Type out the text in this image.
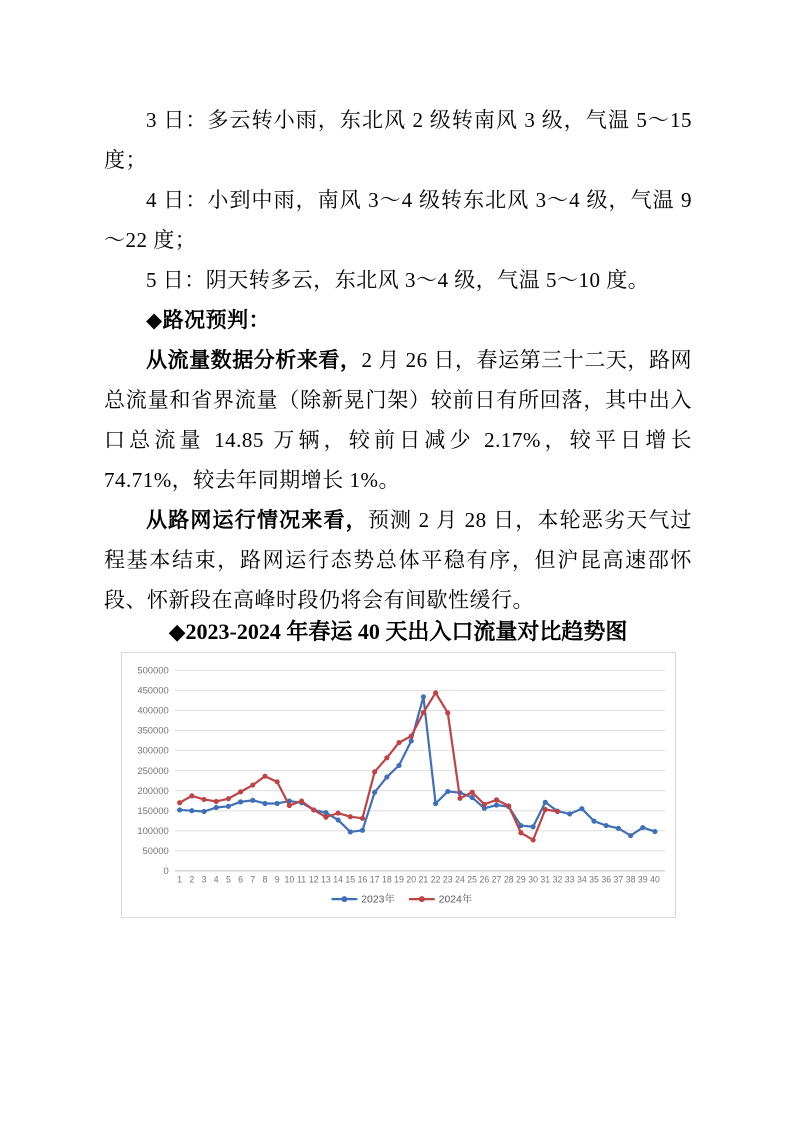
3 日：多云转小雨，东北风 2 级转南风 3 级，气温 5～15 度；

4 日：小到中雨，南风 3～4 级转东北风 3～4 级，气温 9～22 度；

5 日：阴天转多云，东北风 3～4 级，气温 5～10 度。

◆路况预判：

从流量数据分析来看，2 月 26 日，春运第三十二天，路网总流量和省界流量（除新晃门架）较前日有所回落，其中出入口总流量 14.85 万辆，较前日减少 2.17%，较平日增长 74.71%，较去年同期增长 1%。

从路网运行情况来看，预测 2 月 28 日，本轮恶劣天气过程基本结束，路网运行态势总体平稳有序，但沪昆高速邵怀段、怀新段在高峰时段仍将会有间歇性缓行。

◆2023-2024 年春运 40 天出入口流量对比趋势图

0
50000
100000
150000
200000
250000
300000
350000
400000
450000
500000
1 2 3 4 5 6 7 8 9 10 11 12 13 14 15 16 17 18 19 20 21 22 23 24 25 26 27 28 29 30 31 32 33 34 35 36 37 38 39 40
2023年	2024年
